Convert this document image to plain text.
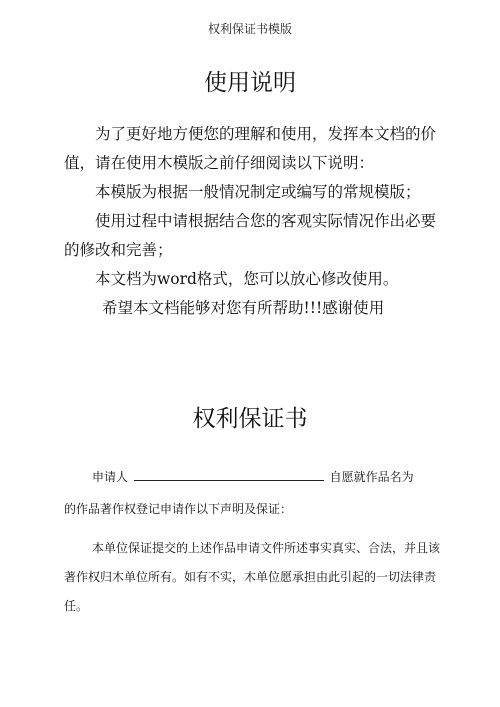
权利保证书模版
使用说明

为了更好地方便您的理解和使用，发挥本文档的价值，请在使用木模版之前仔细阅读以下说明：

本模版为根据一般情况制定或编写的常规模版；

使用过程中请根据结合您的客观实际情况作出必要的修改和完善；

本文档为word格式，您可以放心修改使用。

希望本文档能够对您有所帮助!!!感谢使用

权利保证书
申请人	自愿就作品名为
的作品著作权登记申请作以下声明及保证：
本单位保证提交的上述作品申请文件所述事实真实、合法，并且该著作权归木单位所有。如有不实，木单位愿承担由此引起的一切法律责任。
